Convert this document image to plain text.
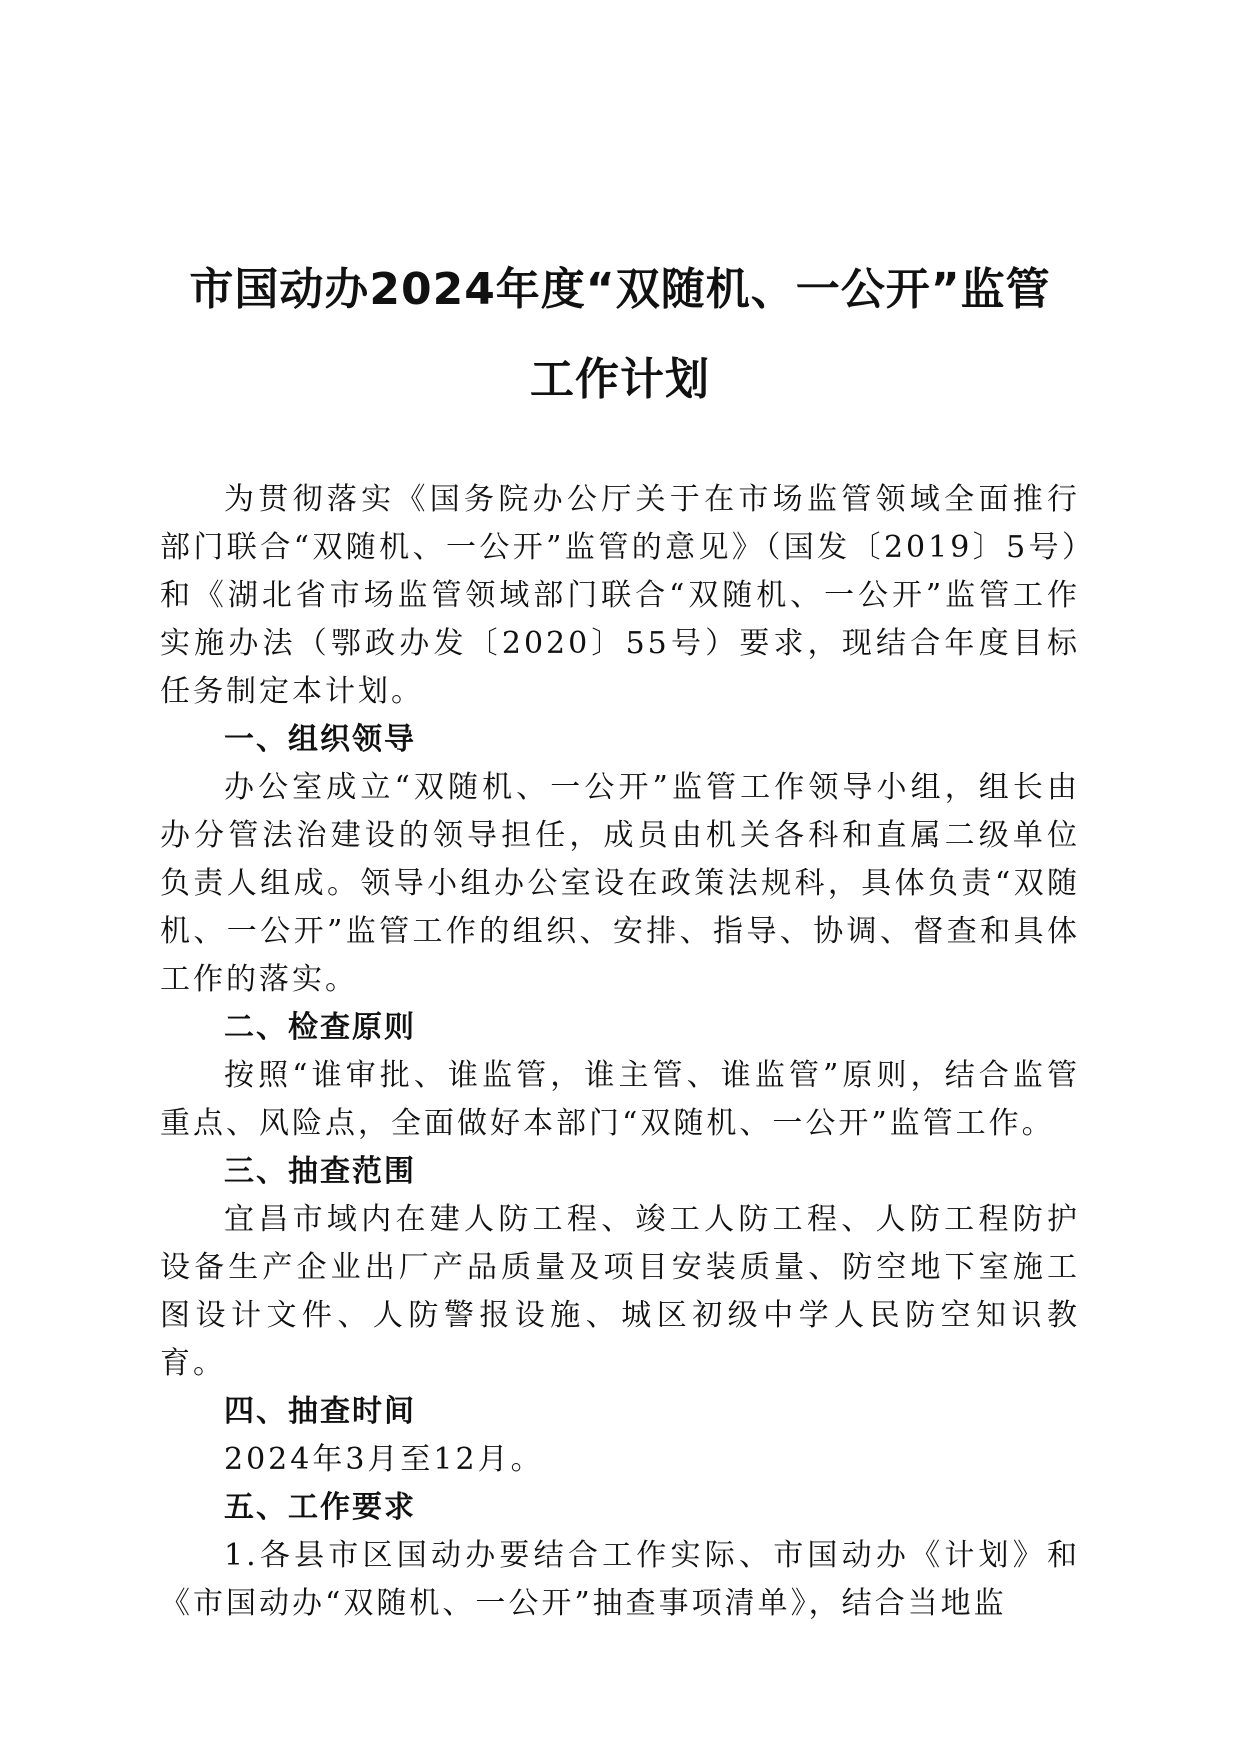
市国动办2024年度“双随机、一公开”监管
工作计划

为贯彻落实《国务院办公厅关于在市场监管领域全面推行部门联合“双随机、一公开”监管的意见》（国发〔2019〕5号）和《湖北省市场监管领域部门联合“双随机、一公开”监管工作实施办法（鄂政办发〔2020〕55号）要求，现结合年度目标任务制定本计划。

一、组织领导

办公室成立“双随机、一公开”监管工作领导小组，组长由办分管法治建设的领导担任，成员由机关各科和直属二级单位负责人组成。领导小组办公室设在政策法规科，具体负责“双随机、一公开”监管工作的组织、安排、指导、协调、督查和具体工作的落实。

二、检查原则

按照“谁审批、谁监管，谁主管、谁监管”原则，结合监管重点、风险点，全面做好本部门“双随机、一公开”监管工作。

三、抽查范围

宜昌市域内在建人防工程、竣工人防工程、人防工程防护设备生产企业出厂产品质量及项目安装质量、防空地下室施工图设计文件、人防警报设施、城区初级中学人民防空知识教育。

四、抽查时间

2024年3月至12月。

五、工作要求

1.各县市区国动办要结合工作实际、市国动办《计划》和《市国动办“双随机、一公开”抽查事项清单》，结合当地监
